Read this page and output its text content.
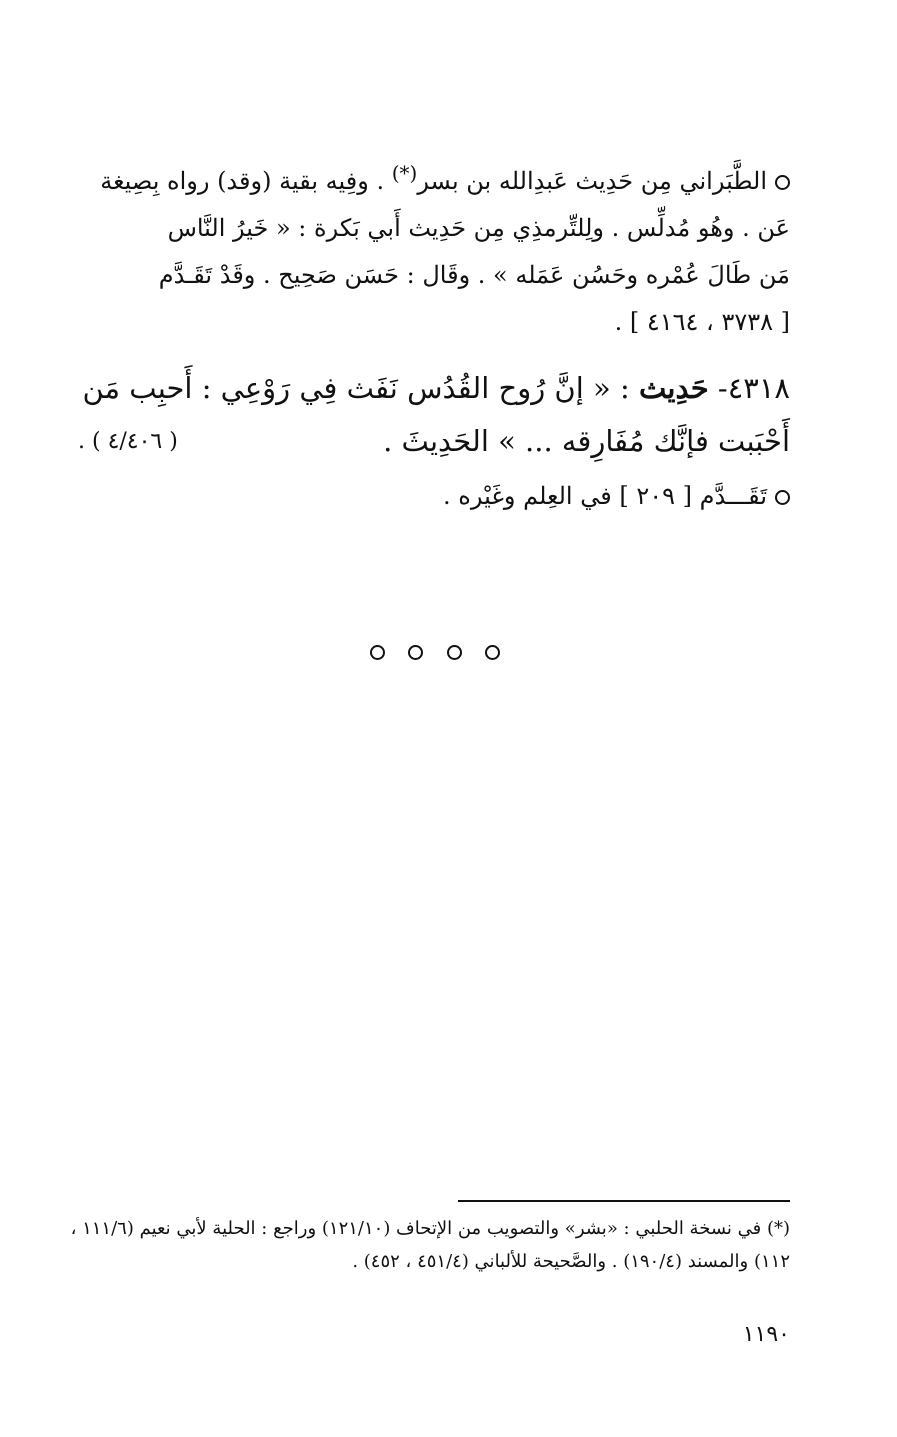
الطَّبَراني مِن حَدِيث عَبدِالله بن بسر(*) . وفِيه بقية (وقد) رواه بِصِيغة
عَن . وهُو مُدلِّس . ولِلتِّرمذِي مِن حَدِيث أَبي بَكرة : « خَيرُ النَّاس
مَن طَالَ عُمْره وحَسُن عَمَله » . وقَال : حَسَن صَحِيح . وقَدْ تَقَـدَّم
[ ٣٧٣٨ ، ٤١٦٤ ] .
٤٣١٨- حَدِيث : « إنَّ رُوح القُدُس نَفَث فِي رَوْعِي : أَحبِب مَن
أَحْبَبت فإنَّك مُفَارِقه ... » الحَدِيثَ .
( ٤/٤٠٦ ) .
تَقَـــدَّم [ ٢٠٩ ] في العِلم وغَيْره .
(*) في نسخة الحلبي : «بشر» والتصويب من الإتحاف (١٢١/١٠) وراجع : الحلية لأبي نعيم (١١١/٦ ،
١١٢) والمسند (١٩٠/٤) . والصَّحيحة للألباني (٤٥١/٤ ، ٤٥٢) .
١١٩٠
